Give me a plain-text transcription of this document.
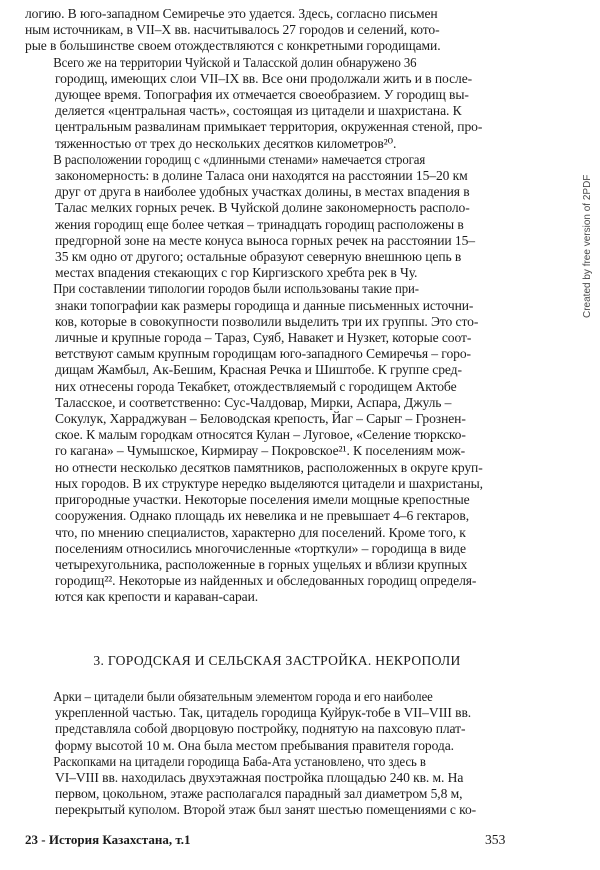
логию. В юго-западном Семиречье это удается. Здесь, согласно письмен
ным источникам, в VII–X вв. насчитывалось 27 городов и селений, кото-
рые в большинстве своем отождествляются с конкретными городищами.

Всего же на территории Чуйской и Таласской долин обнаружено 36
городищ, имеющих слои VII–IX вв. Все они продолжали жить и в после-
дующее время. Топография их отмечается своеобразием. У городищ вы-
деляется «центральная часть», состоящая из цитадели и шахристана. К
центральным развалинам примыкает территория, окруженная стеной, про-
тяженностью от трех до нескольких десятков километров²⁰.

В расположении городищ с «длинными стенами» намечается строгая
закономерность: в долине Таласа они находятся на расстоянии 15–20 км
друг от друга в наиболее удобных участках долины, в местах впадения в
Талас мелких горных речек. В Чуйской долине закономерность располо-
жения городищ еще более четкая – тринадцать городищ расположены в
предгорной зоне на месте конуса выноса горных речек на расстоянии 15–
35 км одно от другого; остальные образуют северную внешнюю цепь в
местах впадения стекающих с гор Киргизского хребта рек в Чу.

При составлении типологии городов были использованы такие при-
знаки топографии как размеры городища и данные письменных источни-
ков, которые в совокупности позволили выделить три их группы. Это сто-
личные и крупные города – Тараз, Суяб, Навакет и Нузкет, которые соот-
ветствуют самым крупным городищам юго-западного Семиречья – горо-
дищам Жамбыл, Ак-Бешим, Красная Речка и Шиштобе. К группе сред-
них отнесены города Текабкет, отождествляемый с городищем Актобе
Таласское, и соответственно: Сус-Чалдовар, Мирки, Аспара, Джуль –
Сокулук, Харраджуван – Беловодская крепость, Йаг – Сарыг – Грознен-
ское. К малым городкам относятся Кулан – Луговое, «Селение тюркско-
го кагана» – Чумышское, Кирмирау – Покровское²¹. К поселениям мож-
но отнести несколько десятков памятников, расположенных в округе круп-
ных городов. В их структуре нередко выделяются цитадели и шахристаны,
пригородные участки. Некоторые поселения имели мощные крепостные
сооружения. Однако площадь их невелика и не превышает 4–6 гектаров,
что, по мнению специалистов, характерно для поселений. Кроме того, к
поселениям относились многочисленные «торткули» – городища в виде
четырехугольника, расположенные в горных ущельях и вблизи крупных
городищ²². Некоторые из найденных и обследованных городищ определя-
ются как крепости и караван-сараи.

3. ГОРОДСКАЯ И СЕЛЬСКАЯ ЗАСТРОЙКА. НЕКРОПОЛИ

Арки – цитадели были обязательным элементом города и его наиболее
укрепленной частью. Так, цитадель городища Куйрук-тобе в VII–VIII вв.
представляла собой дворцовую постройку, поднятую на пахсовую плат-
форму высотой 10 м. Она была местом пребывания правителя города.

Раскопками на цитадели городища Баба-Ата установлено, что здесь в
VI–VIII вв. находилась двухэтажная постройка площадью 240 кв. м. На
первом, цокольном, этаже располагался парадный зал диаметром 5,8 м,
перекрытый куполом. Второй этаж был занят шестью помещениями с ко-

23 - История Казахстана, т.1	353
Created by free version of 2PDF
